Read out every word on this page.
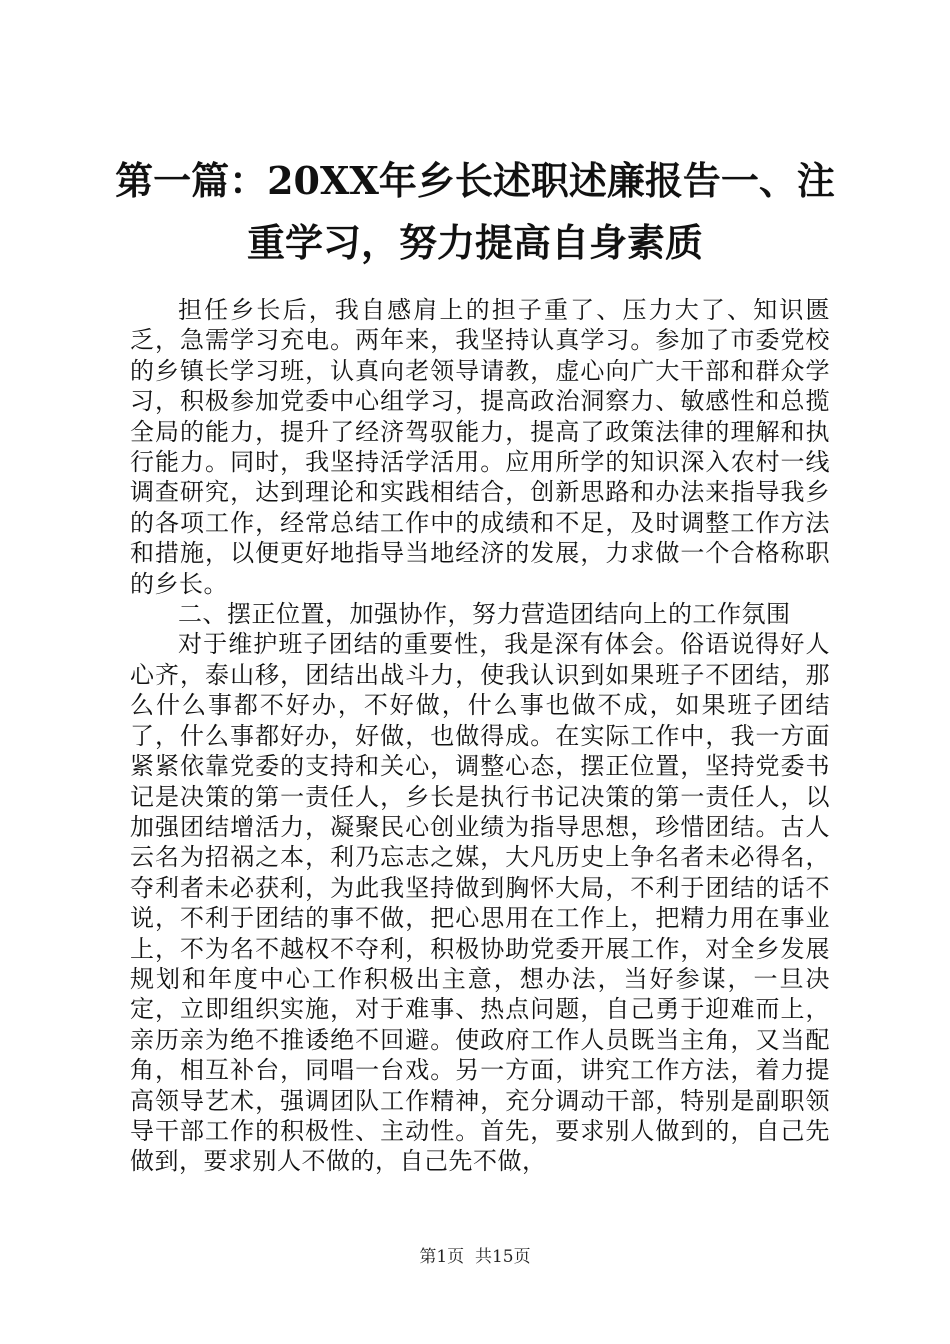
第一篇：20XX年乡长述职述廉报告一、注重学习，努力提高自身素质

担任乡长后，我自感肩上的担子重了、压力大了、知识匮乏，急需学习充电。两年来，我坚持认真学习。参加了市委党校的乡镇长学习班，认真向老领导请教，虚心向广大干部和群众学习，积极参加党委中心组学习，提高政治洞察力、敏感性和总揽全局的能力，提升了经济驾驭能力，提高了政策法律的理解和执行能力。同时，我坚持活学活用。应用所学的知识深入农村一线调查研究，达到理论和实践相结合，创新思路和办法来指导我乡的各项工作，经常总结工作中的成绩和不足，及时调整工作方法和措施，以便更好地指导当地经济的发展，力求做一个合格称职的乡长。

二、摆正位置，加强协作，努力营造团结向上的工作氛围

对于维护班子团结的重要性，我是深有体会。俗语说得好人心齐，泰山移，团结出战斗力，使我认识到如果班子不团结，那么什么事都不好办，不好做，什么事也做不成，如果班子团结了，什么事都好办，好做，也做得成。在实际工作中，我一方面紧紧依靠党委的支持和关心，调整心态，摆正位置，坚持党委书记是决策的第一责任人，乡长是执行书记决策的第一责任人，以加强团结增活力，凝聚民心创业绩为指导思想，珍惜团结。古人云名为招祸之本，利乃忘志之媒，大凡历史上争名者未必得名，夺利者未必获利，为此我坚持做到胸怀大局，不利于团结的话不说，不利于团结的事不做，把心思用在工作上，把精力用在事业上，不为名不越权不夺利，积极协助党委开展工作，对全乡发展规划和年度中心工作积极出主意，想办法，当好参谋，一旦决定，立即组织实施，对于难事、热点问题，自己勇于迎难而上，亲历亲为绝不推诿绝不回避。使政府工作人员既当主角，又当配角，相互补台，同唱一台戏。另一方面，讲究工作方法，着力提高领导艺术，强调团队工作精神，充分调动干部，特别是副职领导干部工作的积极性、主动性。首先，要求别人做到的，自己先做到，要求别人不做的，自己先不做，

第1页  共15页
